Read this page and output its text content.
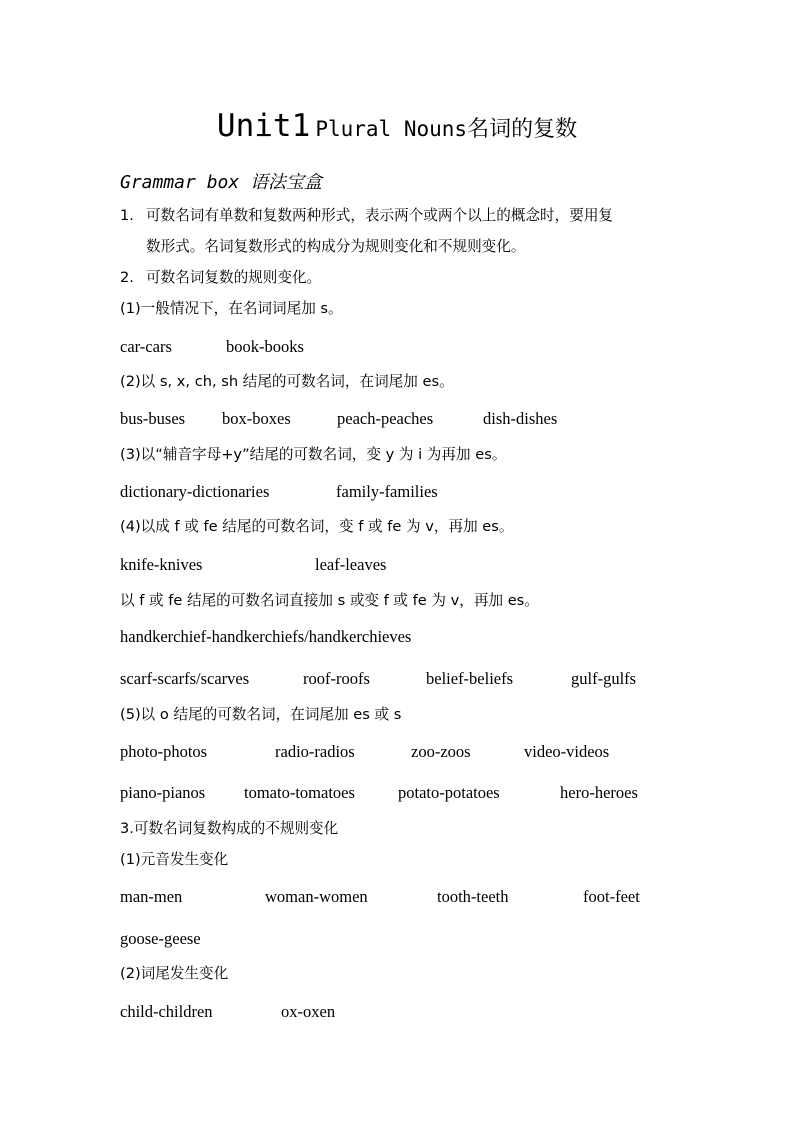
Unit1 Plural Nouns名词的复数
Grammar box 语法宝盒
1. 可数名词有单数和复数两种形式，表示两个或两个以上的概念时，要用复
数形式。名词复数形式的构成分为规则变化和不规则变化。
2. 可数名词复数的规则变化。
(1)一般情况下，在名词词尾加 s。
car-cars	book-books
(2)以 s, x, ch, sh 结尾的可数名词，在词尾加 es。
bus-buses box-boxes	peach-peaches	dish-dishes
(3)以“辅音字母+y”结尾的可数名词，变 y 为 i 为再加 es。
dictionary-dictionaries	family-families
(4)以成 f 或 fe 结尾的可数名词，变 f 或 fe 为 v，再加 es。
knife-knives	leaf-leaves
以 f 或 fe 结尾的可数名词直接加 s 或变 f 或 fe 为 v，再加 es。
handkerchief-handkerchiefs/handkerchieves
scarf-scarfs/scarves	roof-roofs	belief-beliefs	gulf-gulfs
(5)以 o 结尾的可数名词，在词尾加 es 或 s
photo-photos	radio-radios	zoo-zoos	video-videos
piano-pianos tomato-tomatoes	potato-potatoes	hero-heroes
3.可数名词复数构成的不规则变化
(1)元音发生变化
man-men	woman-women	tooth-teeth	foot-feet
goose-geese
(2)词尾发生变化
child-children	ox-oxen
